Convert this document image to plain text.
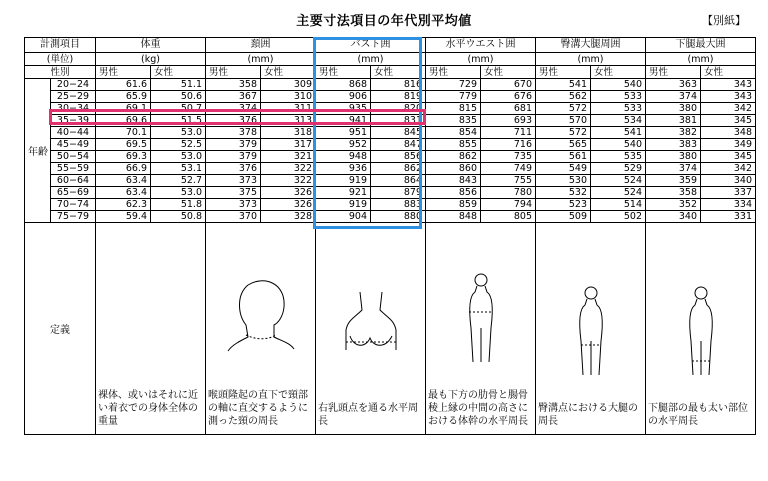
主要寸法項目の年代別平均値	【別紙】
計測項目		体重		頚囲		バスト囲		水平ウエスト囲		臀溝大腿周囲		下腿最大囲	
(単位)		(kg)		(mm)		(mm)		(mm)		(mm)		(mm)	
性別		男性	女性	男性	女性	男性	女性	男性	女性	男性	女性	男性	女性
年齢	20−24	61.6	51.1	358	309	868	816	729	670	541	540	363	343
	25−29	65.9	50.6	367	310	906	819	779	676	562	533	374	343
	30−34	69.1	50.7	374	311	935	820	815	681	572	533	380	342
	35−39	69.6	51.5	376	313	941	831	835	693	570	534	381	345
	40−44	70.1	53.0	378	318	951	845	854	711	572	541	382	348
	45−49	69.5	52.5	379	317	952	847	855	716	565	540	383	349
	50−54	69.3	53.0	379	321	948	856	862	735	561	535	380	345
	55−59	66.9	53.1	376	322	936	862	860	749	549	529	374	342
	60−64	63.4	52.7	373	322	919	864	843	755	530	524	359	340
	65−69	63.4	53.0	375	326	921	879	856	780	532	524	358	337
	70−74	62.3	51.8	373	326	919	883	859	794	523	514	352	334
	75−79	59.4	50.8	370	328	904	880	848	805	509	502	340	331
定義		裸体、或いはそれに近い着衣での身体全体の重量		喉頭隆起の直下で頸部の軸に直交するように測った頸の周長		右乳頭点を通る水平周長		最も下方の肋骨と腸骨稜上縁の中間の高さにおける体幹の水平周長		臀溝点における大腿の周長		下腿部の最も太い部位の水平周長	
